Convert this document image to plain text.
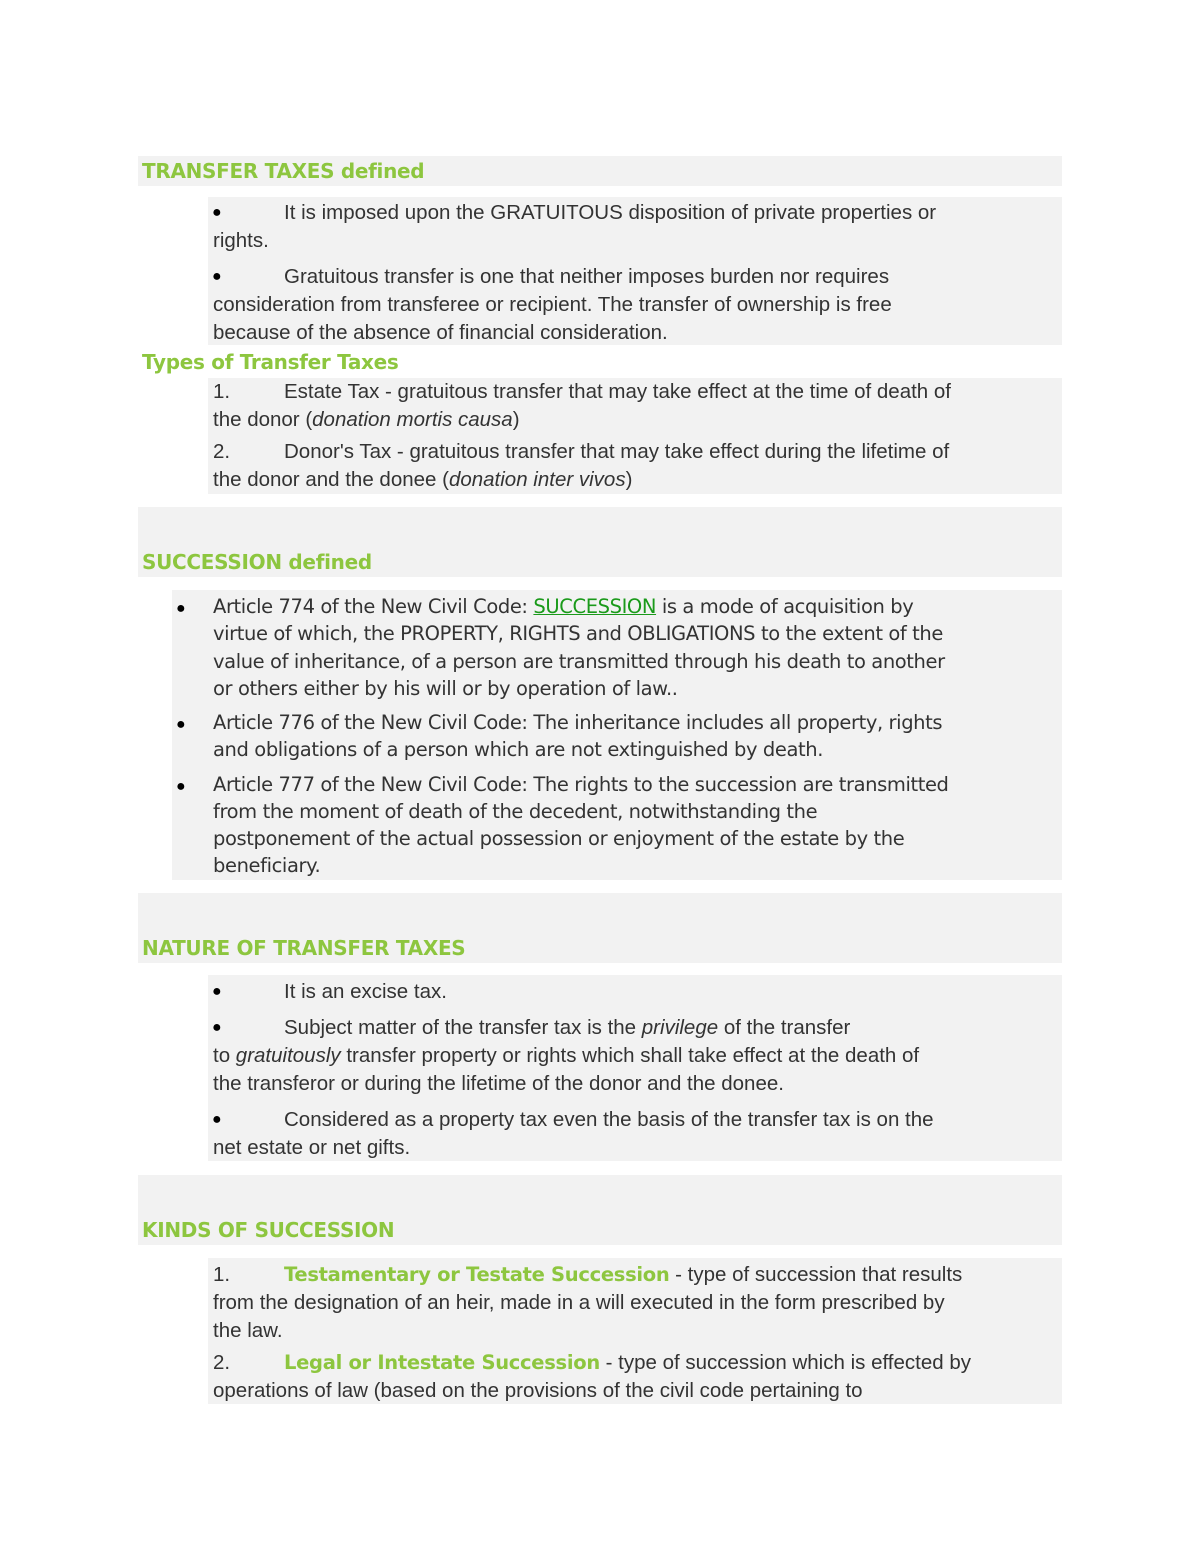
TRANSFER TAXES defined
●	It is imposed upon the GRATUITOUS disposition of private properties or
rights.
●	Gratuitous transfer is one that neither imposes burden nor requires
consideration from transferee or recipient. The transfer of ownership is free
because of the absence of financial consideration.
Types of Transfer Taxes
1.	Estate Tax - gratuitous transfer that may take effect at the time of death of
the donor (donation mortis causa)
2.	Donor's Tax - gratuitous transfer that may take effect during the lifetime of
the donor and the donee (donation inter vivos)
SUCCESSION defined
● Article 774 of the New Civil Code: SUCCESSION is a mode of acquisition by
virtue of which, the PROPERTY, RIGHTS and OBLIGATIONS to the extent of the
value of inheritance, of a person are transmitted through his death to another
or others either by his will or by operation of law..
● Article 776 of the New Civil Code: The inheritance includes all property, rights
and obligations of a person which are not extinguished by death.
● Article 777 of the New Civil Code: The rights to the succession are transmitted
from the moment of death of the decedent, notwithstanding the
postponement of the actual possession or enjoyment of the estate by the
beneficiary.
NATURE OF TRANSFER TAXES
●	It is an excise tax.
●	Subject matter of the transfer tax is the privilege of the transfer
to gratuitously transfer property or rights which shall take effect at the death of
the transferor or during the lifetime of the donor and the donee.
●	Considered as a property tax even the basis of the transfer tax is on the
net estate or net gifts.
KINDS OF SUCCESSION
1.	Testamentary or Testate Succession - type of succession that results
from the designation of an heir, made in a will executed in the form prescribed by
the law.
2.	Legal or Intestate Succession - type of succession which is effected by
operations of law (based on the provisions of the civil code pertaining to
